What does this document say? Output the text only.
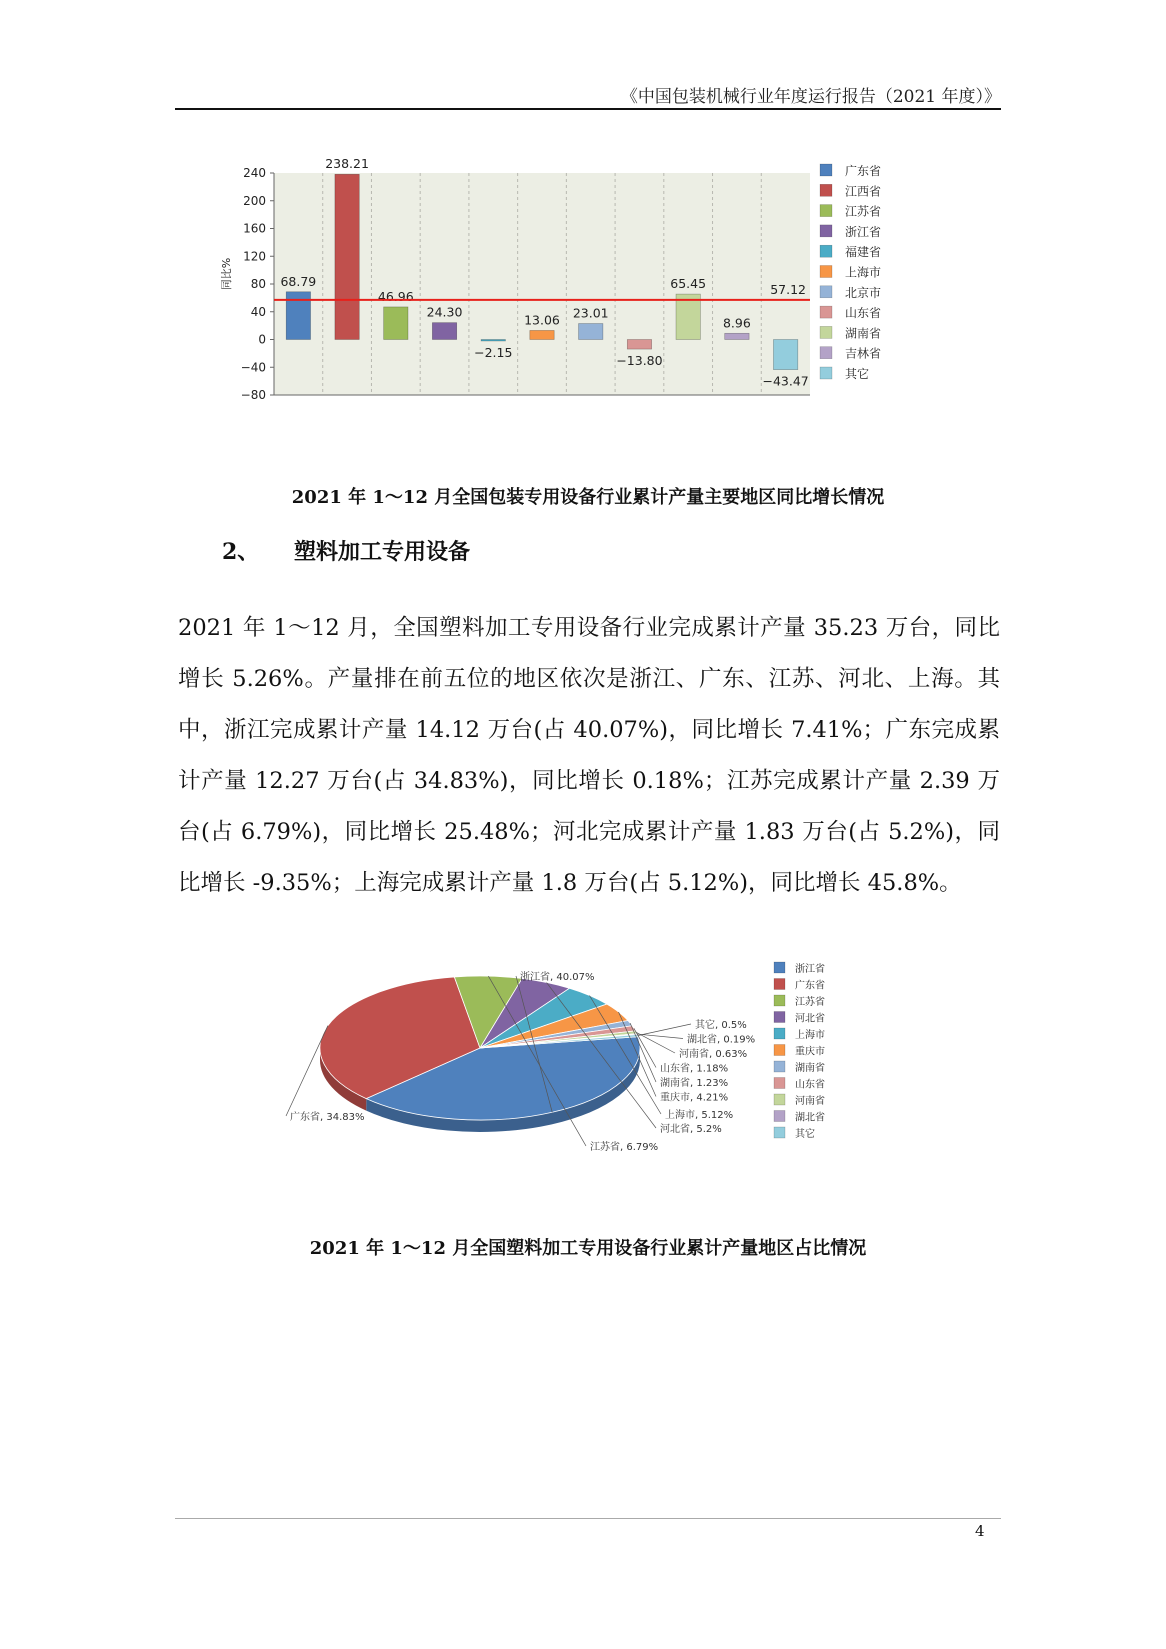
《中国包装机械行业年度运行报告（2021 年度）》
240
200
160
120
80
40
0
−40
−80
同比%	68.79
238.21
46.96
24.30
−2.15
13.06 23.01
−13.80
65.45
8.96
−43.47
57.12
广东省
江西省
江苏省
浙江省
福建省
上海市
北京市
山东省
湖南省
吉林省
其它
2021 年 1～12 月全国包装专用设备行业累计产量主要地区同比增长情况
2、 塑料加工专用设备

2021 年 1～12 月，全国塑料加工专用设备行业完成累计产量 35.23 万台，同比增长 5.26%。产量排在前五位的地区依次是浙江、广东、江苏、河北、上海。其中，浙江完成累计产量 14.12 万台(占 40.07%)，同比增长 7.41%；广东完成累计产量 12.27 万台(占 34.83%)，同比增长 0.18%；江苏完成累计产量 2.39 万台(占 6.79%)，同比增长 25.48%；河北完成累计产量 1.83 万台(占 5.2%)，同比增长 -9.35%；上海完成累计产量 1.8 万台(占 5.12%)，同比增长 45.8%。

浙江省, 40.07%
广东省, 34.83%
江苏省, 6.79%
河北省, 5.2%
上海市, 5.12%
重庆市, 4.21%
湖南省, 1.23%
山东省, 1.18%
河南省, 0.63%
湖北省, 0.19%
其它, 0.5%
浙江省
广东省
江苏省
河北省
上海市
重庆市
湖南省
山东省
河南省
湖北省
其它
2021 年 1～12 月全国塑料加工专用设备行业累计产量地区占比情况
4
